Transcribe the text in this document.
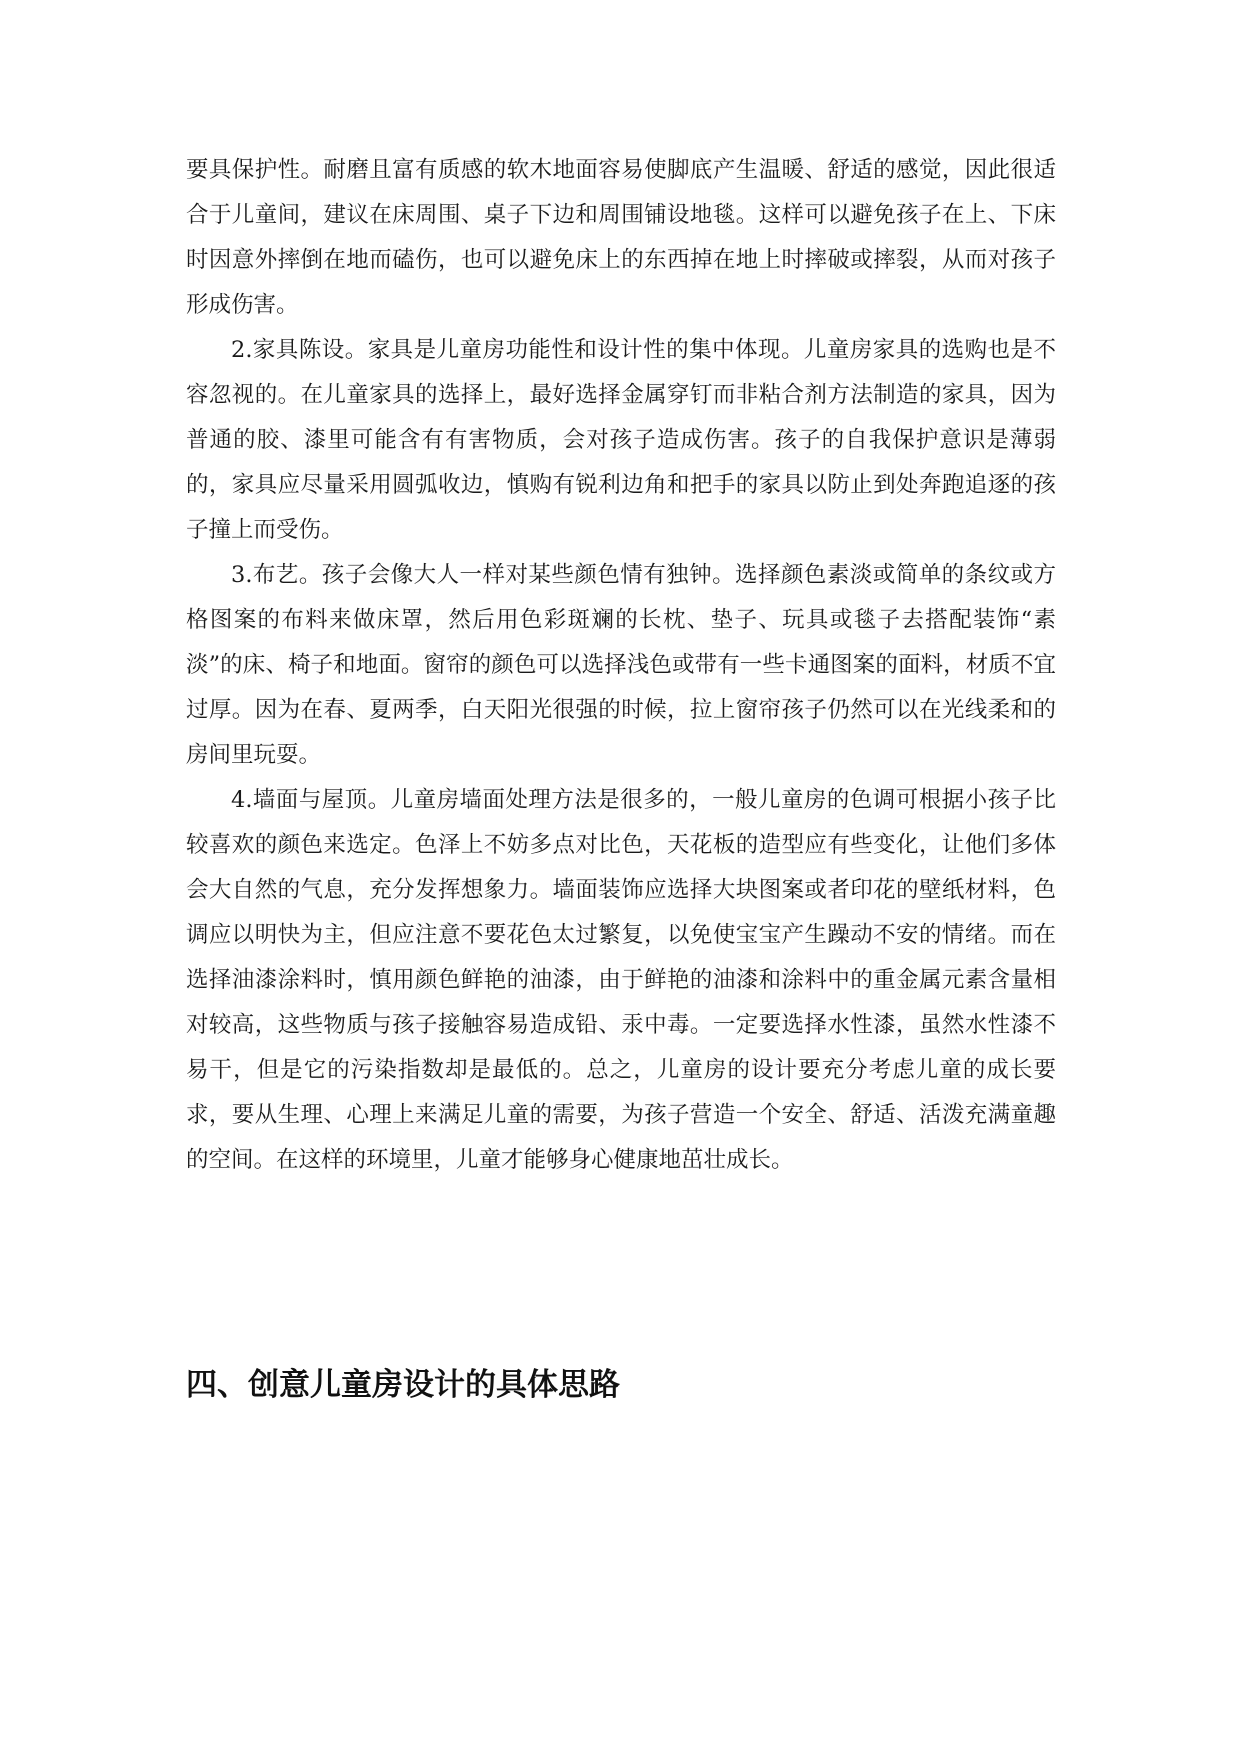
要具保护性。耐磨且富有质感的软木地面容易使脚底产生温暖、舒适的感觉，因此很适合于儿童间，建议在床周围、桌子下边和周围铺设地毯。这样可以避免孩子在上、下床时因意外摔倒在地而磕伤，也可以避免床上的东西掉在地上时摔破或摔裂，从而对孩子形成伤害。

2.家具陈设。家具是儿童房功能性和设计性的集中体现。儿童房家具的选购也是不容忽视的。在儿童家具的选择上，最好选择金属穿钉而非粘合剂方法制造的家具，因为普通的胶、漆里可能含有有害物质，会对孩子造成伤害。孩子的自我保护意识是薄弱的，家具应尽量采用圆弧收边，慎购有锐利边角和把手的家具以防止到处奔跑追逐的孩子撞上而受伤。

3.布艺。孩子会像大人一样对某些颜色情有独钟。选择颜色素淡或简单的条纹或方格图案的布料来做床罩，然后用色彩斑斓的长枕、垫子、玩具或毯子去搭配装饰“素淡”的床、椅子和地面。窗帘的颜色可以选择浅色或带有一些卡通图案的面料，材质不宜过厚。因为在春、夏两季，白天阳光很强的时候，拉上窗帘孩子仍然可以在光线柔和的房间里玩耍。

4.墙面与屋顶。儿童房墙面处理方法是很多的，一般儿童房的色调可根据小孩子比较喜欢的颜色来选定。色泽上不妨多点对比色，天花板的造型应有些变化，让他们多体会大自然的气息，充分发挥想象力。墙面装饰应选择大块图案或者印花的壁纸材料，色调应以明快为主，但应注意不要花色太过繁复，以免使宝宝产生躁动不安的情绪。而在选择油漆涂料时，慎用颜色鲜艳的油漆，由于鲜艳的油漆和涂料中的重金属元素含量相对较高，这些物质与孩子接触容易造成铅、汞中毒。一定要选择水性漆，虽然水性漆不易干，但是它的污染指数却是最低的。总之，儿童房的设计要充分考虑儿童的成长要求，要从生理、心理上来满足儿童的需要，为孩子营造一个安全、舒适、活泼充满童趣的空间。在这样的环境里，儿童才能够身心健康地茁壮成长。

四、创意儿童房设计的具体思路
